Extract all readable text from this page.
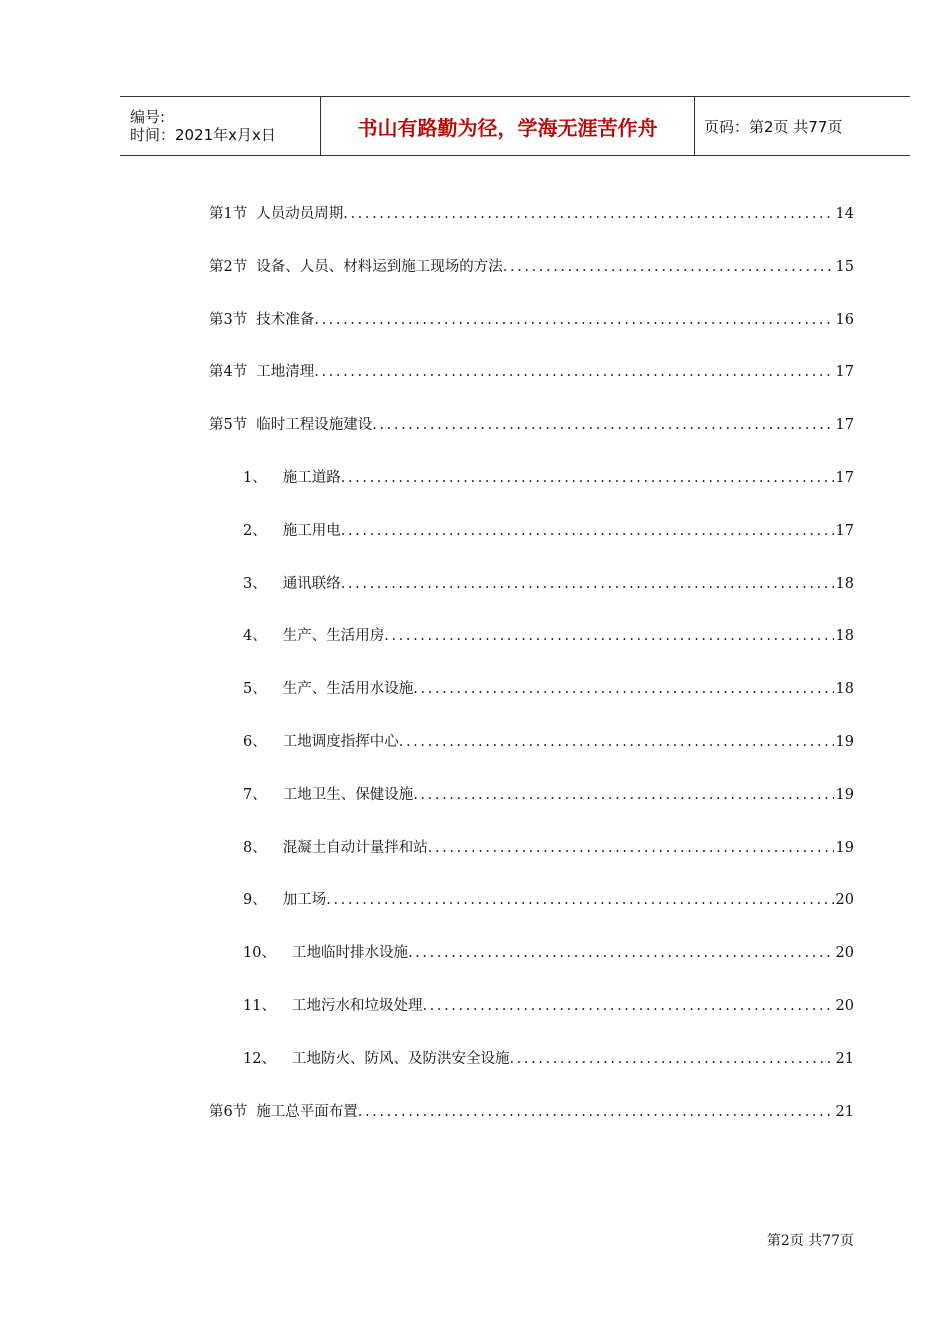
编号:
时间：2021年x月x日	书山有路勤为径，学海无涯苦作舟	页码：第2页 共77页
第1节 人员动员周期 .....	14
第2节 设备、人员、材料运到施工现场的方法 .....	15
第3节 技术准备 .....	16
第4节 工地清理 .....	17
第5节 临时工程设施建设 .....	17
1、 施工道路 .....	17
2、 施工用电 .....	17
3、 通讯联络 .....	18
4、 生产、生活用房 .....	18
5、 生产、生活用水设施 .....	18
6、 工地调度指挥中心 .....	19
7、 工地卫生、保健设施 .....	19
8、 混凝土自动计量拌和站 .....	19
9、 加工场 .....	20
10、 工地临时排水设施 .....	20
11、 工地污水和垃圾处理 .....	20
12、 工地防火、防风、及防洪安全设施 .....	21
第6节 施工总平面布置 .....	21
第2页 共77页
